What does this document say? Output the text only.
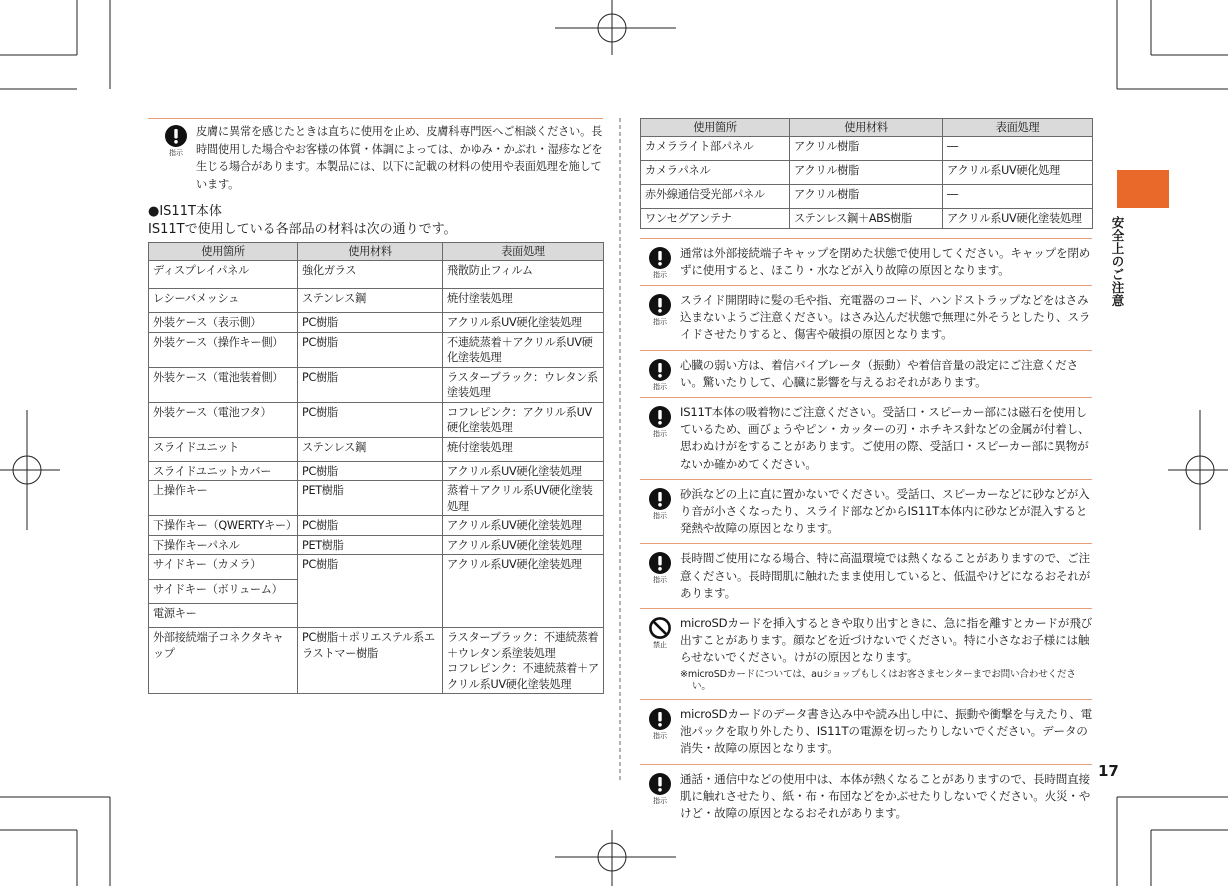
指示
皮膚に異常を感じたときは直ちに使用を止め、皮膚科専門医へご相談ください。長時間使用した場合やお客様の体質・体調によっては、かゆみ・かぶれ・湿疹などを生じる場合があります。本製品には、以下に記載の材料の使用や表面処理を施しています。
●IS11T本体
IS11Tで使用している各部品の材料は次の通りです。
使用箇所	使用材料	表面処理
ディスプレイパネル	強化ガラス	飛散防止フィルム
レシーバメッシュ	ステンレス鋼	焼付塗装処理
外装ケース（表示側）	PC樹脂	アクリル系UV硬化塗装処理
外装ケース（操作キー側）	PC樹脂	不連続蒸着＋アクリル系UV硬化塗装処理
外装ケース（電池装着側）	PC樹脂	ラスターブラック：ウレタン系塗装処理
外装ケース（電池フタ）	PC樹脂	コフレピンク：アクリル系UV硬化塗装処理
スライドユニット	ステンレス鋼	焼付塗装処理
スライドユニットカバー	PC樹脂	アクリル系UV硬化塗装処理
上操作キー	PET樹脂	蒸着＋アクリル系UV硬化塗装処理
下操作キー（QWERTYキー）	PC樹脂	アクリル系UV硬化塗装処理
下操作キーパネル	PET樹脂	アクリル系UV硬化塗装処理
サイドキー（カメラ）	PC樹脂	アクリル系UV硬化塗装処理
サイドキー（ボリューム）		
電源キー		
外部接続端子コネクタキャップ	PC樹脂＋ポリエステル系エラストマー樹脂	ラスターブラック：不連続蒸着＋ウレタン系塗装処理
コフレピンク：不連続蒸着＋アクリル系UV硬化塗装処理
使用箇所	使用材料	表面処理
カメラライト部パネル	アクリル樹脂	―
カメラパネル	アクリル樹脂	アクリル系UV硬化処理
赤外線通信受光部パネル	アクリル樹脂	―
ワンセグアンテナ	ステンレス鋼＋ABS樹脂	アクリル系UV硬化塗装処理
指示
通常は外部接続端子キャップを閉めた状態で使用してください。キャップを閉めずに使用すると、ほこり・水などが入り故障の原因となります。
指示
スライド開閉時に髪の毛や指、充電器のコード、ハンドストラップなどをはさみ込まないようご注意ください。はさみ込んだ状態で無理に外そうとしたり、スライドさせたりすると、傷害や破損の原因となります。
指示
心臓の弱い方は、着信バイブレータ（振動）や着信音量の設定にご注意ください。驚いたりして、心臓に影響を与えるおそれがあります。
指示
IS11T本体の吸着物にご注意ください。受話口・スピーカー部には磁石を使用しているため、画びょうやピン・カッターの刃・ホチキス針などの金属が付着し、思わぬけがをすることがあります。ご使用の際、受話口・スピーカー部に異物がないか確かめてください。
指示
砂浜などの上に直に置かないでください。受話口、スピーカーなどに砂などが入り音が小さくなったり、スライド部などからIS11T本体内に砂などが混入すると発熱や故障の原因となります。
指示
長時間ご使用になる場合、特に高温環境では熱くなることがありますので、ご注意ください。長時間肌に触れたまま使用していると、低温やけどになるおそれがあります。
禁止
microSDカードを挿入するときや取り出すときに、急に指を離すとカードが飛び出すことがあります。顔などを近づけないでください。特に小さなお子様には触らせないでください。けがの原因となります。
※microSDカードについては、auショップもしくはお客さまセンターまでお問い合わせください。
指示
microSDカードのデータ書き込み中や読み出し中に、振動や衝撃を与えたり、電池パックを取り外したり、IS11Tの電源を切ったりしないでください。データの消失・故障の原因となります。
指示
通話・通信中などの使用中は、本体が熱くなることがありますので、長時間直接肌に触れさせたり、紙・布・布団などをかぶせたりしないでください。火災・やけど・故障の原因となるおそれがあります。
安全上のご注意
17
